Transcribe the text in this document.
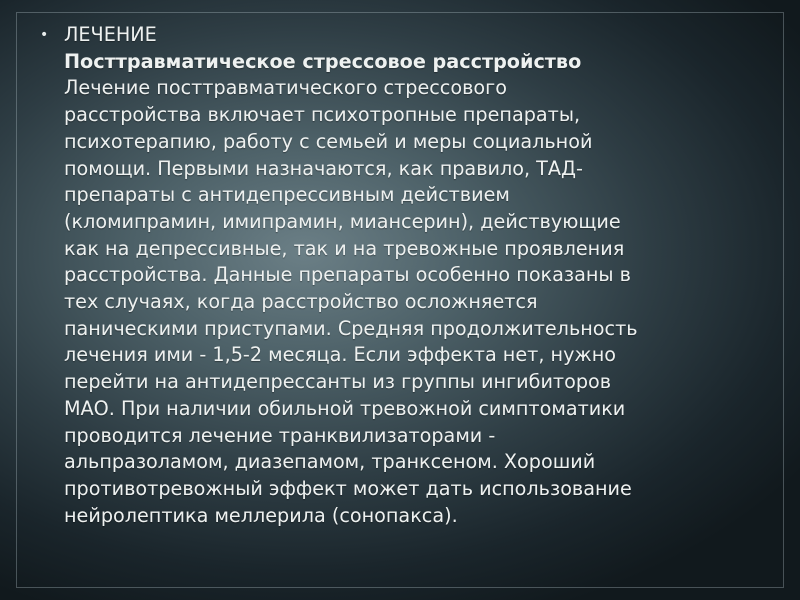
• ЛЕЧЕНИЕ
Посттравматическое стрессовое расстройство
Лечение посттравматического стрессового
расстройства включает психотропные препараты,
психотерапию, работу с семьей и меры социальной
помощи. Первыми назначаются, как правило, ТАД-
препараты с антидепрессивным действием
(кломипрамин, имипрамин, миансерин), действующие
как на депрессивные, так и на тревожные проявления
расстройства. Данные препараты особенно показаны в
тех случаях, когда расстройство осложняется
паническими приступами. Средняя продолжительность
лечения ими - 1,5-2 месяца. Если эффекта нет, нужно
перейти на антидепрессанты из группы ингибиторов
МАО. При наличии обильной тревожной симптоматики
проводится лечение транквилизаторами -
альпразоламом, диазепамом, транксеном. Хороший
противотревожный эффект может дать использование
нейролептика меллерила (сонопакса).
